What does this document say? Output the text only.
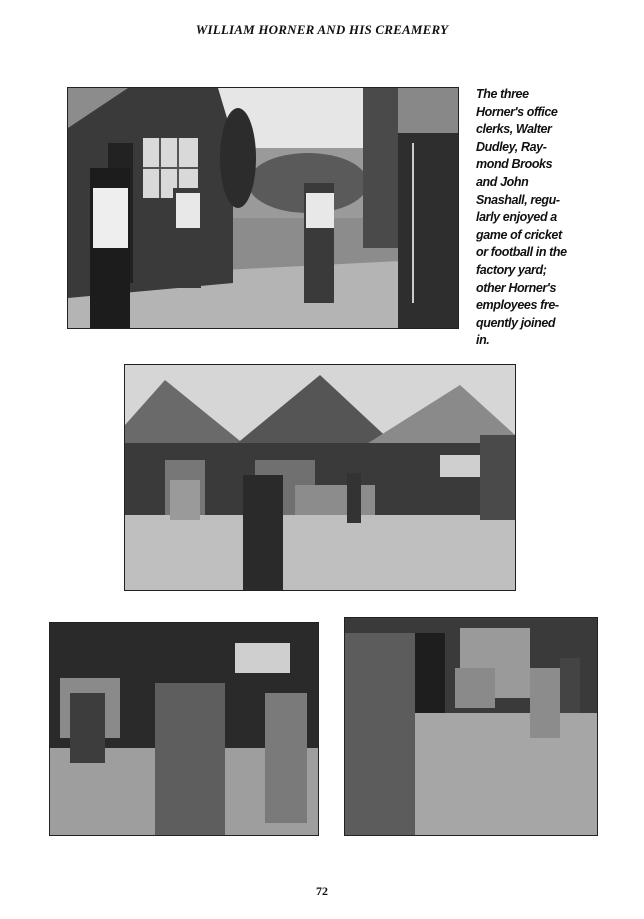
WILLIAM HORNER AND HIS CREAMERY
The three
Horner's office
clerks, Walter
Dudley, Ray-
mond Brooks
and John
Snashall, regu-
larly enjoyed a
game of cricket
or football in the
factory yard;
other Horner's
employees fre-
quently joined
in.
72
